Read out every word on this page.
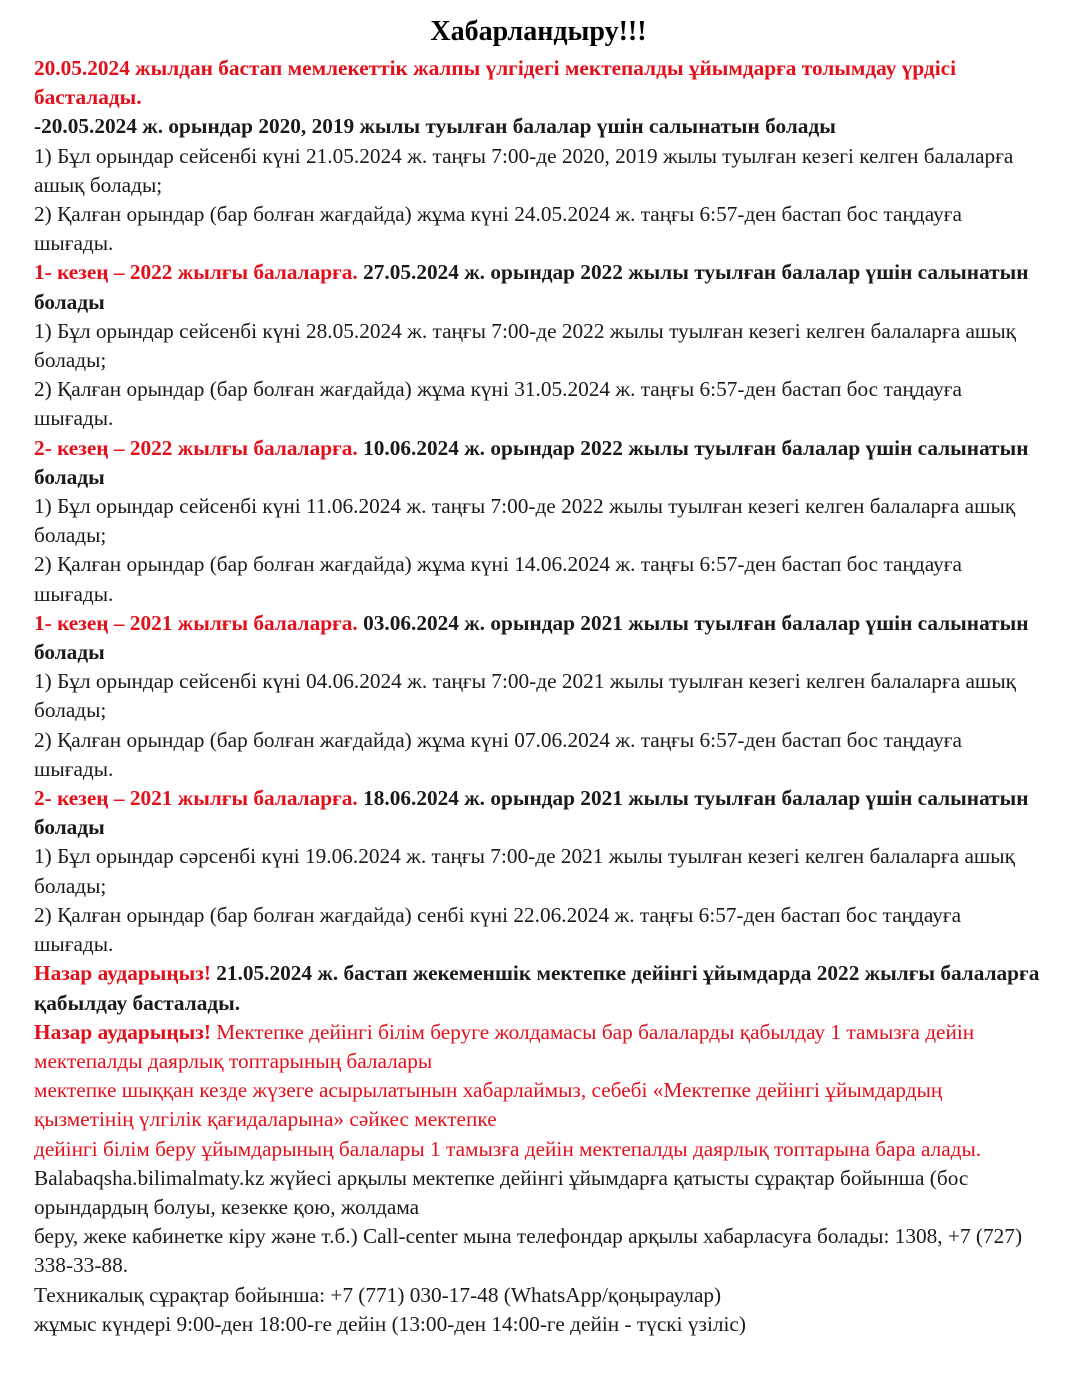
Хабарландыру!!!

20.05.2024 жылдан бастап мемлекеттік жалпы үлгідегі мектепалды ұйымдарға толымдау үрдісі басталады.

-20.05.2024 ж. орындар 2020, 2019 жылы туылған балалар үшін салынатын болады

1) Бұл орындар сейсенбі күні 21.05.2024 ж. таңғы 7:00-де 2020, 2019 жылы туылған кезегі келген балаларға ашық болады;

2) Қалған орындар (бар болған жағдайда) жұма күні 24.05.2024 ж. таңғы 6:57-ден бастап бос таңдауға шығады.

1- кезең – 2022 жылғы балаларға. 27.05.2024 ж. орындар 2022 жылы туылған балалар үшін салынатын болады

1) Бұл орындар сейсенбі күні 28.05.2024 ж. таңғы 7:00-де 2022 жылы туылған кезегі келген балаларға ашық болады;

2) Қалған орындар (бар болған жағдайда) жұма күні 31.05.2024 ж. таңғы 6:57-ден бастап бос таңдауға шығады.

2- кезең – 2022 жылғы балаларға. 10.06.2024 ж. орындар 2022 жылы туылған балалар үшін салынатын болады

1) Бұл орындар сейсенбі күні 11.06.2024 ж. таңғы 7:00-де 2022 жылы туылған кезегі келген балаларға ашық болады;

2) Қалған орындар (бар болған жағдайда) жұма күні 14.06.2024 ж. таңғы 6:57-ден бастап бос таңдауға шығады.

1- кезең – 2021 жылғы балаларға. 03.06.2024 ж. орындар 2021 жылы туылған балалар үшін салынатын болады

1) Бұл орындар сейсенбі күні 04.06.2024 ж. таңғы 7:00-де 2021 жылы туылған кезегі келген балаларға ашық болады;

2) Қалған орындар (бар болған жағдайда) жұма күні 07.06.2024 ж. таңғы 6:57-ден бастап бос таңдауға шығады.

2- кезең – 2021 жылғы балаларға. 18.06.2024 ж. орындар 2021 жылы туылған балалар үшін салынатын болады

1) Бұл орындар сәрсенбі күні 19.06.2024 ж. таңғы 7:00-де 2021 жылы туылған кезегі келген балаларға ашық болады;

2) Қалған орындар (бар болған жағдайда) сенбі күні 22.06.2024 ж. таңғы 6:57-ден бастап бос таңдауға шығады.

Назар аударыңыз! 21.05.2024 ж. бастап жекеменшік мектепке дейінгі ұйымдарда 2022 жылғы балаларға қабылдау басталады.

Назар аударыңыз! Мектепке дейінгі білім беруге жолдамасы бар балаларды қабылдау 1 тамызға дейін мектепалды даярлық топтарының балалары

мектепке шыққан кезде жүзеге асырылатынын хабарлаймыз, себебі «Мектепке дейінгі ұйымдардың қызметінің үлгілік қағидаларына» сәйкес мектепке

дейінгі білім беру ұйымдарының балалары 1 тамызға дейін мектепалды даярлық топтарына бара алады.

Balabaqsha.bilimalmaty.kz жүйесі арқылы мектепке дейінгі ұйымдарға қатысты сұрақтар бойынша (бос орындардың болуы, кезекке қою, жолдама

беру, жеке кабинетке кіру және т.б.) Call-center мына телефондар арқылы хабарласуға болады: 1308, +7 (727) 338-33-88.

Техникалық сұрақтар бойынша: +7 (771) 030-17-48 (WhatsApp/қоңыраулар)

жұмыс күндері 9:00-ден 18:00-ге дейін (13:00-ден 14:00-ге дейін - түскі үзіліс)
